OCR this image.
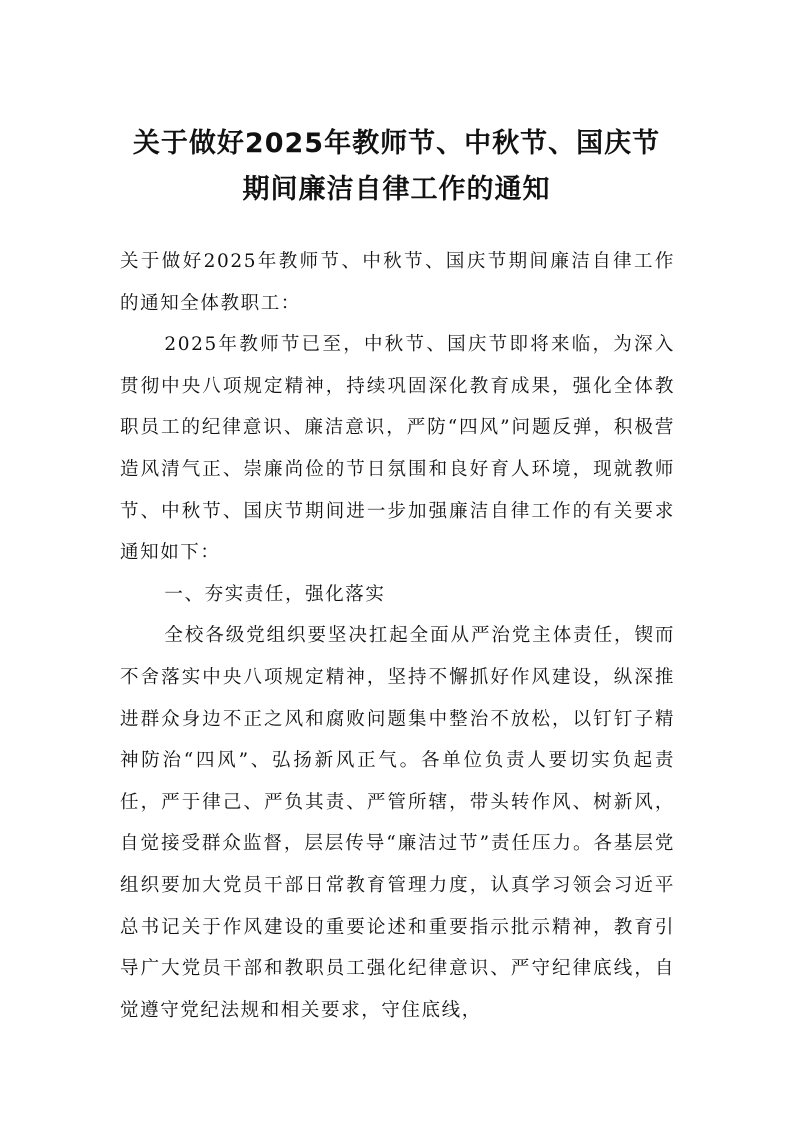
关于做好2025年教师节、中秋节、国庆节
期间廉洁自律工作的通知

关于做好2025年教师节、中秋节、国庆节期间廉洁自律工作的通知全体教职工：

2025年教师节已至，中秋节、国庆节即将来临，为深入贯彻中央八项规定精神，持续巩固深化教育成果，强化全体教职员工的纪律意识、廉洁意识，严防“四风”问题反弹，积极营造风清气正、崇廉尚俭的节日氛围和良好育人环境，现就教师节、中秋节、国庆节期间进一步加强廉洁自律工作的有关要求通知如下：

一、夯实责任，强化落实

全校各级党组织要坚决扛起全面从严治党主体责任，锲而不舍落实中央八项规定精神，坚持不懈抓好作风建设，纵深推进群众身边不正之风和腐败问题集中整治不放松，以钉钉子精神防治“四风”、弘扬新风正气。各单位负责人要切实负起责任，严于律己、严负其责、严管所辖，带头转作风、树新风，自觉接受群众监督，层层传导“廉洁过节”责任压力。各基层党组织要加大党员干部日常教育管理力度，认真学习领会习近平总书记关于作风建设的重要论述和重要指示批示精神，教育引导广大党员干部和教职员工强化纪律意识、严守纪律底线，自觉遵守党纪法规和相关要求，守住底线，
